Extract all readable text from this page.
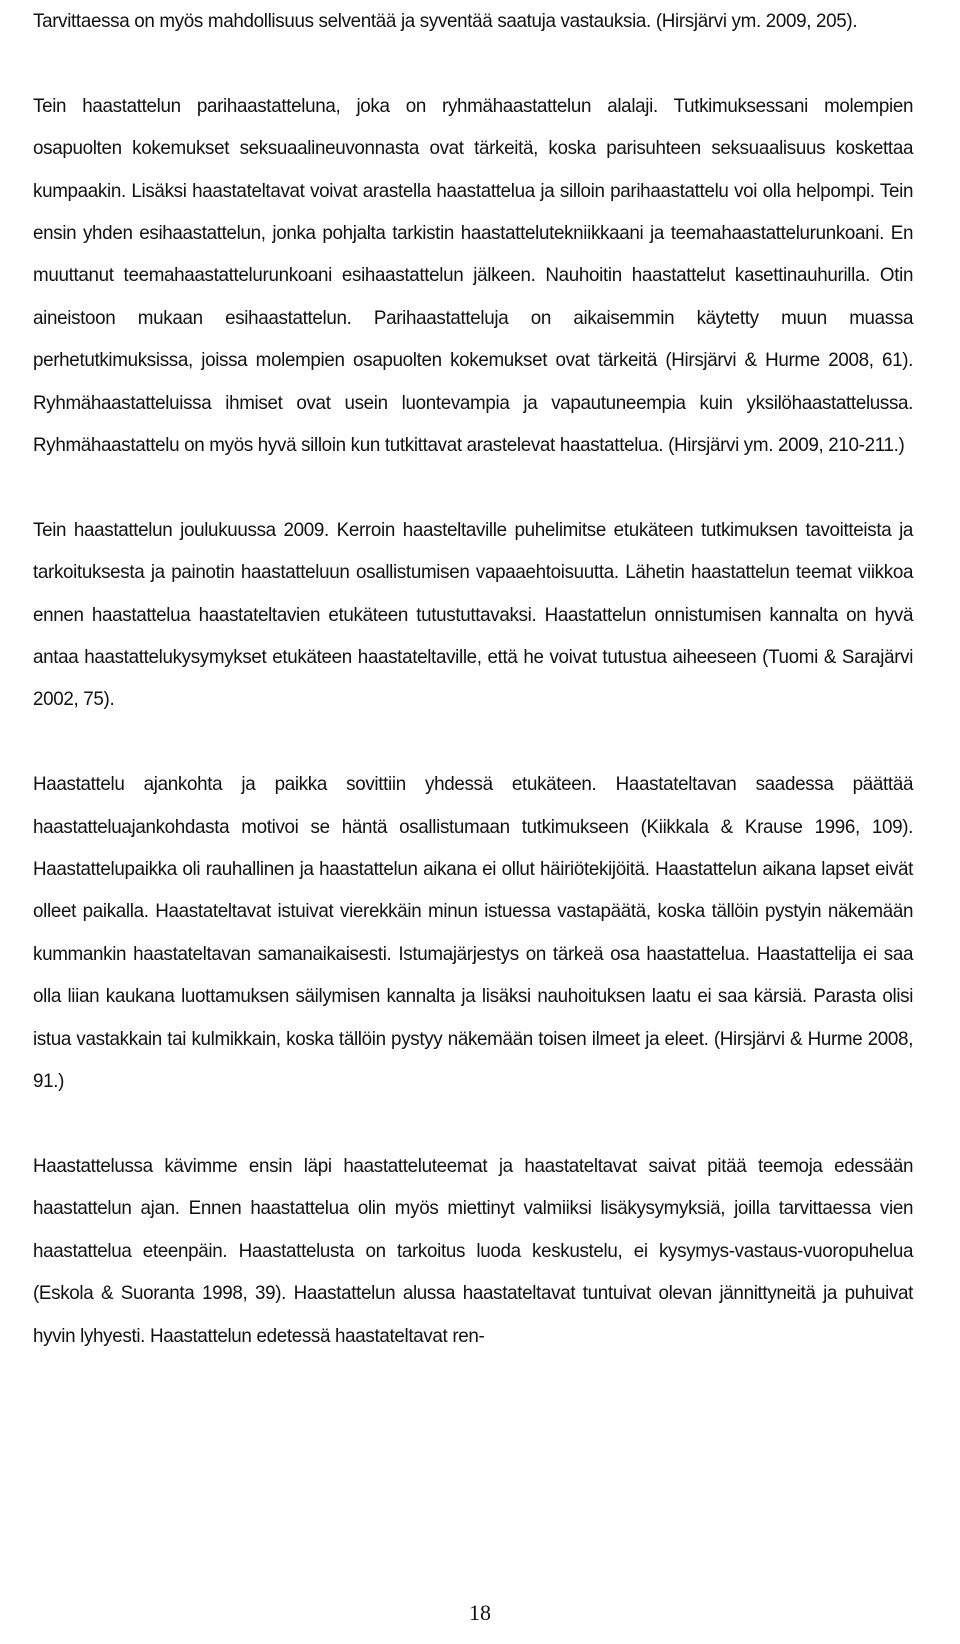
Tarvittaessa on myös mahdollisuus selventää ja syventää saatuja vastauksia. (Hirsjärvi ym. 2009, 205).

Tein haastattelun parihaastatteluna, joka on ryhmähaastattelun alalaji. Tutkimuksessani molempien osapuolten kokemukset seksuaalineuvonnasta ovat tärkeitä, koska parisuhteen seksuaalisuus koskettaa kumpaakin. Lisäksi haastateltavat voivat arastella haastattelua ja silloin parihaastattelu voi olla helpompi. Tein ensin yhden esihaastattelun, jonka pohjalta tarkistin haastattelutekniikkaani ja teemahaastattelurunkoani. En muuttanut teemahaastattelurunkoani esihaastattelun jälkeen. Nauhoitin haastattelut kasettinauhurilla. Otin aineistoon mukaan esihaastattelun. Parihaastatteluja on aikaisemmin käytetty muun muassa perhetutkimuksissa, joissa molempien osapuolten kokemukset ovat tärkeitä (Hirsjärvi & Hurme 2008, 61). Ryhmähaastatteluissa ihmiset ovat usein luontevampia ja vapautuneempia kuin yksilöhaastattelussa. Ryhmähaastattelu on myös hyvä silloin kun tutkittavat arastelevat haastattelua. (Hirsjärvi ym. 2009, 210-211.)

Tein haastattelun joulukuussa 2009. Kerroin haasteltaville puhelimitse etukäteen tutkimuksen tavoitteista ja tarkoituksesta ja painotin haastatteluun osallistumisen vapaaehtoisuutta. Lähetin haastattelun teemat viikkoa ennen haastattelua haastateltavien etukäteen tutustuttavaksi. Haastattelun onnistumisen kannalta on hyvä antaa haastattelukysymykset etukäteen haastateltaville, että he voivat tutustua aiheeseen (Tuomi & Sarajärvi 2002, 75).

Haastattelu ajankohta ja paikka sovittiin yhdessä etukäteen. Haastateltavan saadessa päättää haastatteluajankohdasta motivoi se häntä osallistumaan tutkimukseen (Kiikkala & Krause 1996, 109). Haastattelupaikka oli rauhallinen ja haastattelun aikana ei ollut häiriötekijöitä. Haastattelun aikana lapset eivät olleet paikalla. Haastateltavat istuivat vierekkäin minun istuessa vastapäätä, koska tällöin pystyin näkemään kummankin haastateltavan samanaikaisesti. Istumajärjestys on tärkeä osa haastattelua. Haastattelija ei saa olla liian kaukana luottamuksen säilymisen kannalta ja lisäksi nauhoituksen laatu ei saa kärsiä. Parasta olisi istua vastakkain tai kulmikkain, koska tällöin pystyy näkemään toisen ilmeet ja eleet. (Hirsjärvi & Hurme 2008, 91.)

Haastattelussa kävimme ensin läpi haastatteluteemat ja haastateltavat saivat pitää teemoja edessään haastattelun ajan. Ennen haastattelua olin myös miettinyt valmiiksi lisäkysymyksiä, joilla tarvittaessa vien haastattelua eteenpäin. Haastattelusta on tarkoitus luoda keskustelu, ei kysymys-vastaus-vuoropuhelua (Eskola & Suoranta 1998, 39). Haastattelun alussa haastateltavat tuntuivat olevan jännittyneitä ja puhuivat hyvin lyhyesti. Haastattelun edetessä haastateltavat ren-

18
